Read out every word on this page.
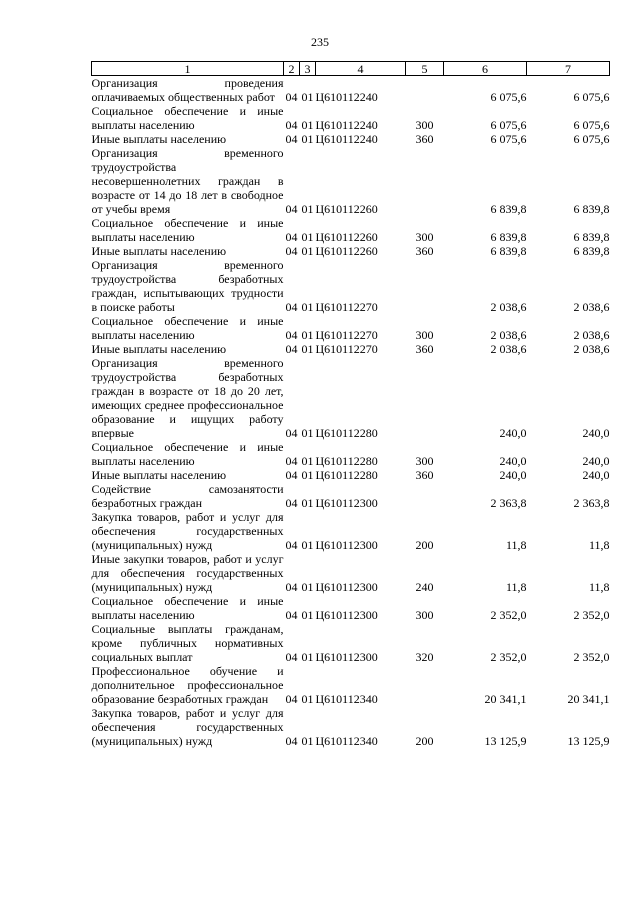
235
1	2	3	4	5	6	7
Организация проведения оплачиваемых общественных работ	04	01	Ц610112240		6 075,6	6 075,6
Социальное обеспечение и иные выплаты населению	04	01	Ц610112240	300	6 075,6	6 075,6
Иные выплаты населению	04	01	Ц610112240	360	6 075,6	6 075,6
Организация временного трудоустройства несовершеннолетних граждан в возрасте от 14 до 18 лет в свободное от учебы время	04	01	Ц610112260		6 839,8	6 839,8
Социальное обеспечение и иные выплаты населению	04	01	Ц610112260	300	6 839,8	6 839,8
Иные выплаты населению	04	01	Ц610112260	360	6 839,8	6 839,8
Организация временного трудоустройства безработных граждан, испытывающих трудности в поиске работы	04	01	Ц610112270		2 038,6	2 038,6
Социальное обеспечение и иные выплаты населению	04	01	Ц610112270	300	2 038,6	2 038,6
Иные выплаты населению	04	01	Ц610112270	360	2 038,6	2 038,6
Организация временного трудоустройства безработных граждан в возрасте от 18 до 20 лет, имеющих среднее профессиональное образование и ищущих работу впервые	04	01	Ц610112280		240,0	240,0
Социальное обеспечение и иные выплаты населению	04	01	Ц610112280	300	240,0	240,0
Иные выплаты населению	04	01	Ц610112280	360	240,0	240,0
Содействие самозанятости безработных граждан	04	01	Ц610112300		2 363,8	2 363,8
Закупка товаров, работ и услуг для обеспечения государственных (муниципальных) нужд	04	01	Ц610112300	200	11,8	11,8
Иные закупки товаров, работ и услуг для обеспечения государственных (муниципальных) нужд	04	01	Ц610112300	240	11,8	11,8
Социальное обеспечение и иные выплаты населению	04	01	Ц610112300	300	2 352,0	2 352,0
Социальные выплаты гражданам, кроме публичных нормативных социальных выплат	04	01	Ц610112300	320	2 352,0	2 352,0
Профессиональное обучение и дополнительное профессиональное образование безработных граждан	04	01	Ц610112340		20 341,1	20 341,1
Закупка товаров, работ и услуг для обеспечения государственных (муниципальных) нужд	04	01	Ц610112340	200	13 125,9	13 125,9
